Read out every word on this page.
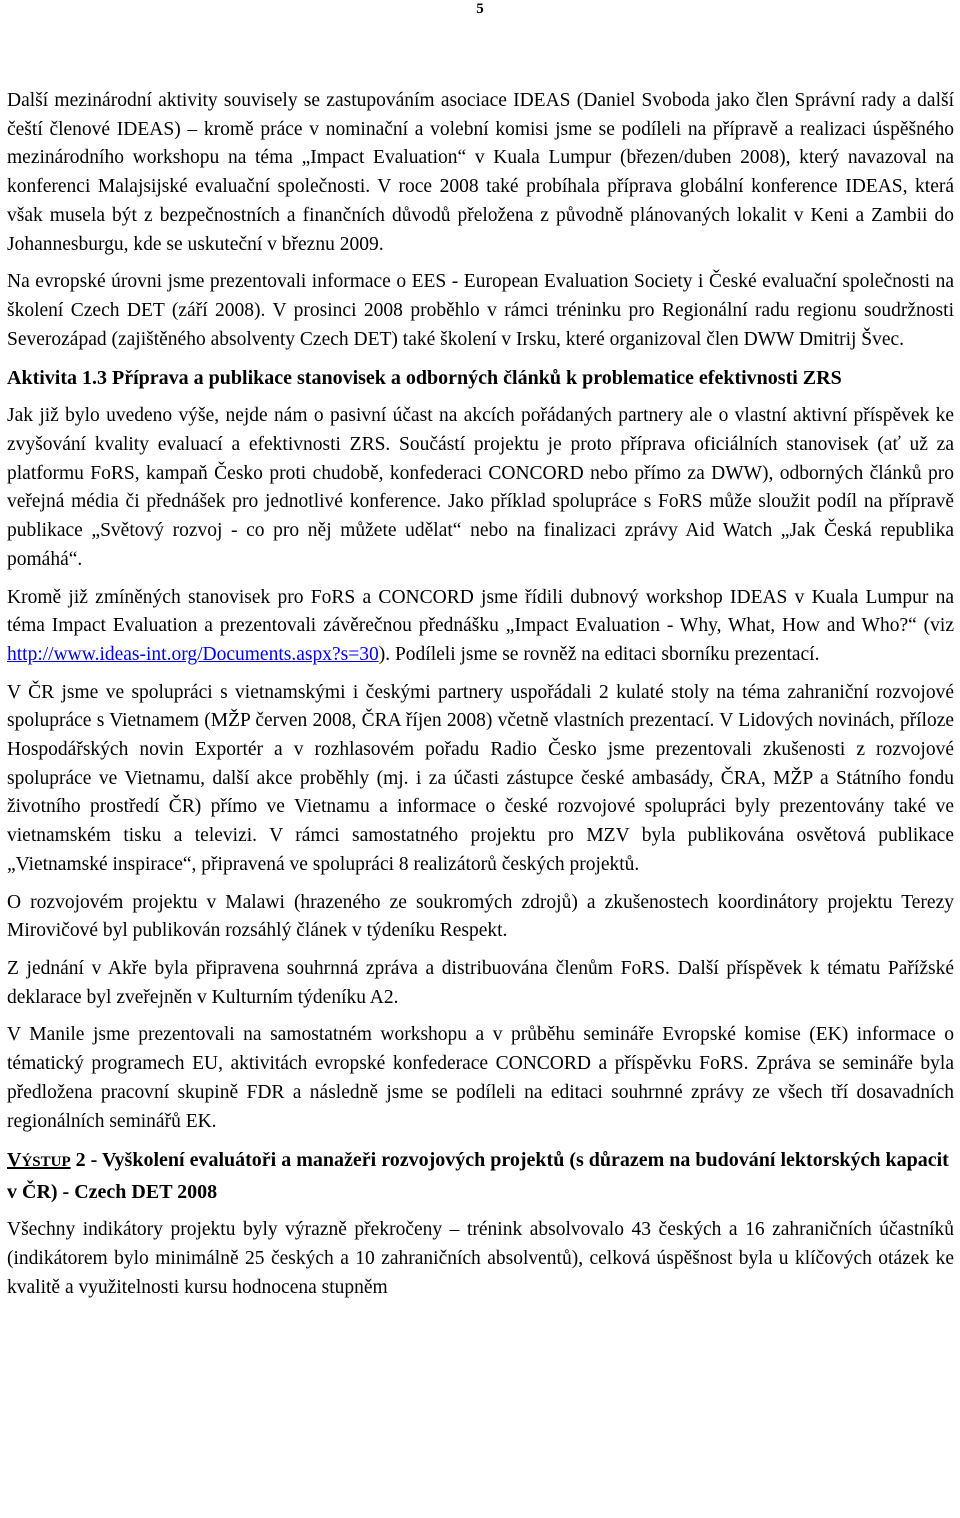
5

Další mezinárodní aktivity souvisely se zastupováním asociace IDEAS (Daniel Svoboda jako člen Správní rady a další čeští členové IDEAS) – kromě práce v nominační a volební komisi jsme se podíleli na přípravě a realizaci úspěšného mezinárodního workshopu na téma „Impact Evaluation“ v Kuala Lumpur (březen/duben 2008), který navazoval na konferenci Malajsijské evaluační společnosti. V roce 2008 také probíhala příprava globální konference IDEAS, která však musela být z bezpečnostních a finančních důvodů přeložena z původně plánovaných lokalit v Keni a Zambii do Johannesburgu, kde se uskuteční v březnu 2009.

Na evropské úrovni jsme prezentovali informace o EES - European Evaluation Society i České evaluační společnosti na školení Czech DET (září 2008). V prosinci 2008 proběhlo v rámci tréninku pro Regionální radu regionu soudržnosti Severozápad (zajištěného absolventy Czech DET) také školení v Irsku, které organizoval člen DWW Dmitrij Švec.

Aktivita 1.3 Příprava a publikace stanovisek a odborných článků k problematice efektivnosti ZRS

Jak již bylo uvedeno výše, nejde nám o pasivní účast na akcích pořádaných partnery ale o vlastní aktivní příspěvek ke zvyšování kvality evaluací a efektivnosti ZRS. Součástí projektu je proto příprava oficiálních stanovisek (ať už za platformu FoRS, kampaň Česko proti chudobě, konfederaci CONCORD nebo přímo za DWW), odborných článků pro veřejná média či přednášek pro jednotlivé konference. Jako příklad spolupráce s FoRS může sloužit podíl na přípravě publikace „Světový rozvoj - co pro něj můžete udělat“ nebo na finalizaci zprávy Aid Watch „Jak Česká republika pomáhá“.

Kromě již zmíněných stanovisek pro FoRS a CONCORD jsme řídili dubnový workshop IDEAS v Kuala Lumpur na téma Impact Evaluation a prezentovali závěrečnou přednášku „Impact Evaluation - Why, What, How and Who?“ (viz http://www.ideas-int.org/Documents.aspx?s=30). Podíleli jsme se rovněž na editaci sborníku prezentací.

V ČR jsme ve spolupráci s vietnamskými i českými partnery uspořádali 2 kulaté stoly na téma zahraniční rozvojové spolupráce s Vietnamem (MŽP červen 2008, ČRA říjen 2008) včetně vlastních prezentací. V Lidových novinách, příloze Hospodářských novin Exportér a v rozhlasovém pořadu Radio Česko jsme prezentovali zkušenosti z rozvojové spolupráce ve Vietnamu, další akce proběhly (mj. i za účasti zástupce české ambasády, ČRA, MŽP a Státního fondu životního prostředí ČR) přímo ve Vietnamu a informace o české rozvojové spolupráci byly prezentovány také ve vietnamském tisku a televizi. V rámci samostatného projektu pro MZV byla publikována osvětová publikace „Vietnamské inspirace“, připravená ve spolupráci 8 realizátorů českých projektů.

O rozvojovém projektu v Malawi (hrazeného ze soukromých zdrojů) a zkušenostech koordinátory projektu Terezy Mirovičové byl publikován rozsáhlý článek v týdeníku Respekt.

Z jednání v Akře byla připravena souhrnná zpráva a distribuována členům FoRS. Další příspěvek k tématu Pařížské deklarace byl zveřejněn v Kulturním týdeníku A2.

V Manile jsme prezentovali na samostatném workshopu a v průběhu semináře Evropské komise (EK) informace o tématický programech EU, aktivitách evropské konfederace CONCORD a příspěvku FoRS. Zpráva se semináře byla předložena pracovní skupině FDR a následně jsme se podíleli na editaci souhrnné zprávy ze všech tří dosavadních regionálních seminářů EK.

VÝSTUP 2 - Vyškolení evaluátoři a manažeři rozvojových projektů (s důrazem na budování lektorských kapacit v ČR) - Czech DET 2008

Všechny indikátory projektu byly výrazně překročeny – trénink absolvovalo 43 českých a 16 zahraničních účastníků (indikátorem bylo minimálně 25 českých a 10 zahraničních absolventů), celková úspěšnost byla u klíčových otázek ke kvalitě a využitelnosti kursu hodnocena stupněm
